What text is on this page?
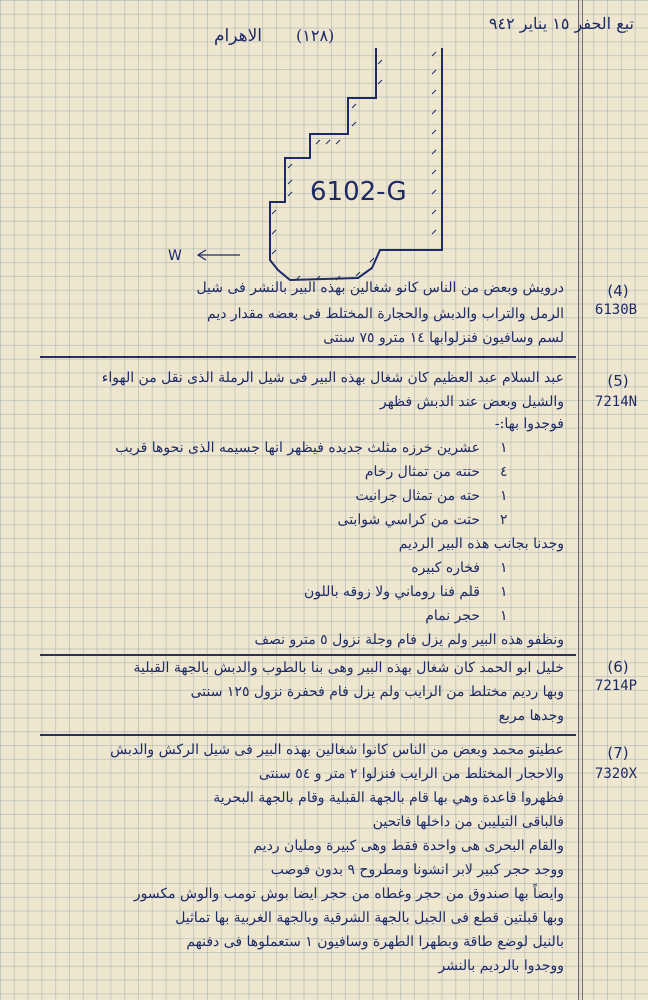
تبع الحفر ١٥ يناير ٩٤٢
(١٢٨)
الاهرام
6102-G
W
(4)
6130B
درويش وبعض من الناس كانو شغالين بهذه البير بالنشر فى شيل
الرمل والتراب والدبش والحجارة المختلط فى بعضه مقدار ديم
لسم وسافيون فنزلوابها ١٤ مترو ٧٥ سنتى
(5)
7214N
عبد السلام عبد العظيم كان شغال بهذه البير فى شيل الرملة الذى نقل من الهواء
والشيل وبعض عند الدبش فظهر
فوجدوا بها:-
١
عشرين خرزه مثلث جديده فيظهر انها جسيمه الذى نحوها قريب
٤
حتته من تمثال رخام
١
حته من تمثال جرانيت
٢
حتت من كراسي شوابتى
وجدنا بجانب هذه البير الرديم
١
فخاره كبيره
١
قلم فنا روماني ولا زوقه باللون
١
حجر نمام
ونظفو هذه البير ولم يزل فام وجلة نزول ٥ مترو نصف
(6)
7214P
خليل ابو الحمد كان شغال بهذه البير وهى بنا بالطوب والدبش بالجهة القبلية
وبها رديم مختلط من الرايب ولم يزل فام فحفرة نزول ١٢٥ سنتى
وجدها مربع
(7)
7320X
عطيتو محمد وبعض من الناس كانوا شغالين بهذه البير فى شيل الركش والدبش
والاحجار المختلط من الرايب فنزلوا ٢ متر و ٥٤ سنتى
فظهروا قاعدة وهي بها قام بالجهة القبلية وقام بالجهة البحرية
فالباقى التيليبن من داخلها فاتحين
والقام البحرى هى واحدة فقط وهى كبيرة ومليان رديم
ووجد حجر كبير لابر انشونا ومطروح ٩ بدون فوصب
وايضاً بها صندوق من حجر وغطاه من حجر ايضا بوش تومب والوش مكسور
وبها قبلتين قطع فى الجبل بالجهة الشرقية وبالجهة الغربية بها تماثيل
بالنيل لوضع طاقة وبطهرا الطهرة وسافيون ١ ستعملوها فى دفنهم
ووجدوا بالرديم بالنشر
